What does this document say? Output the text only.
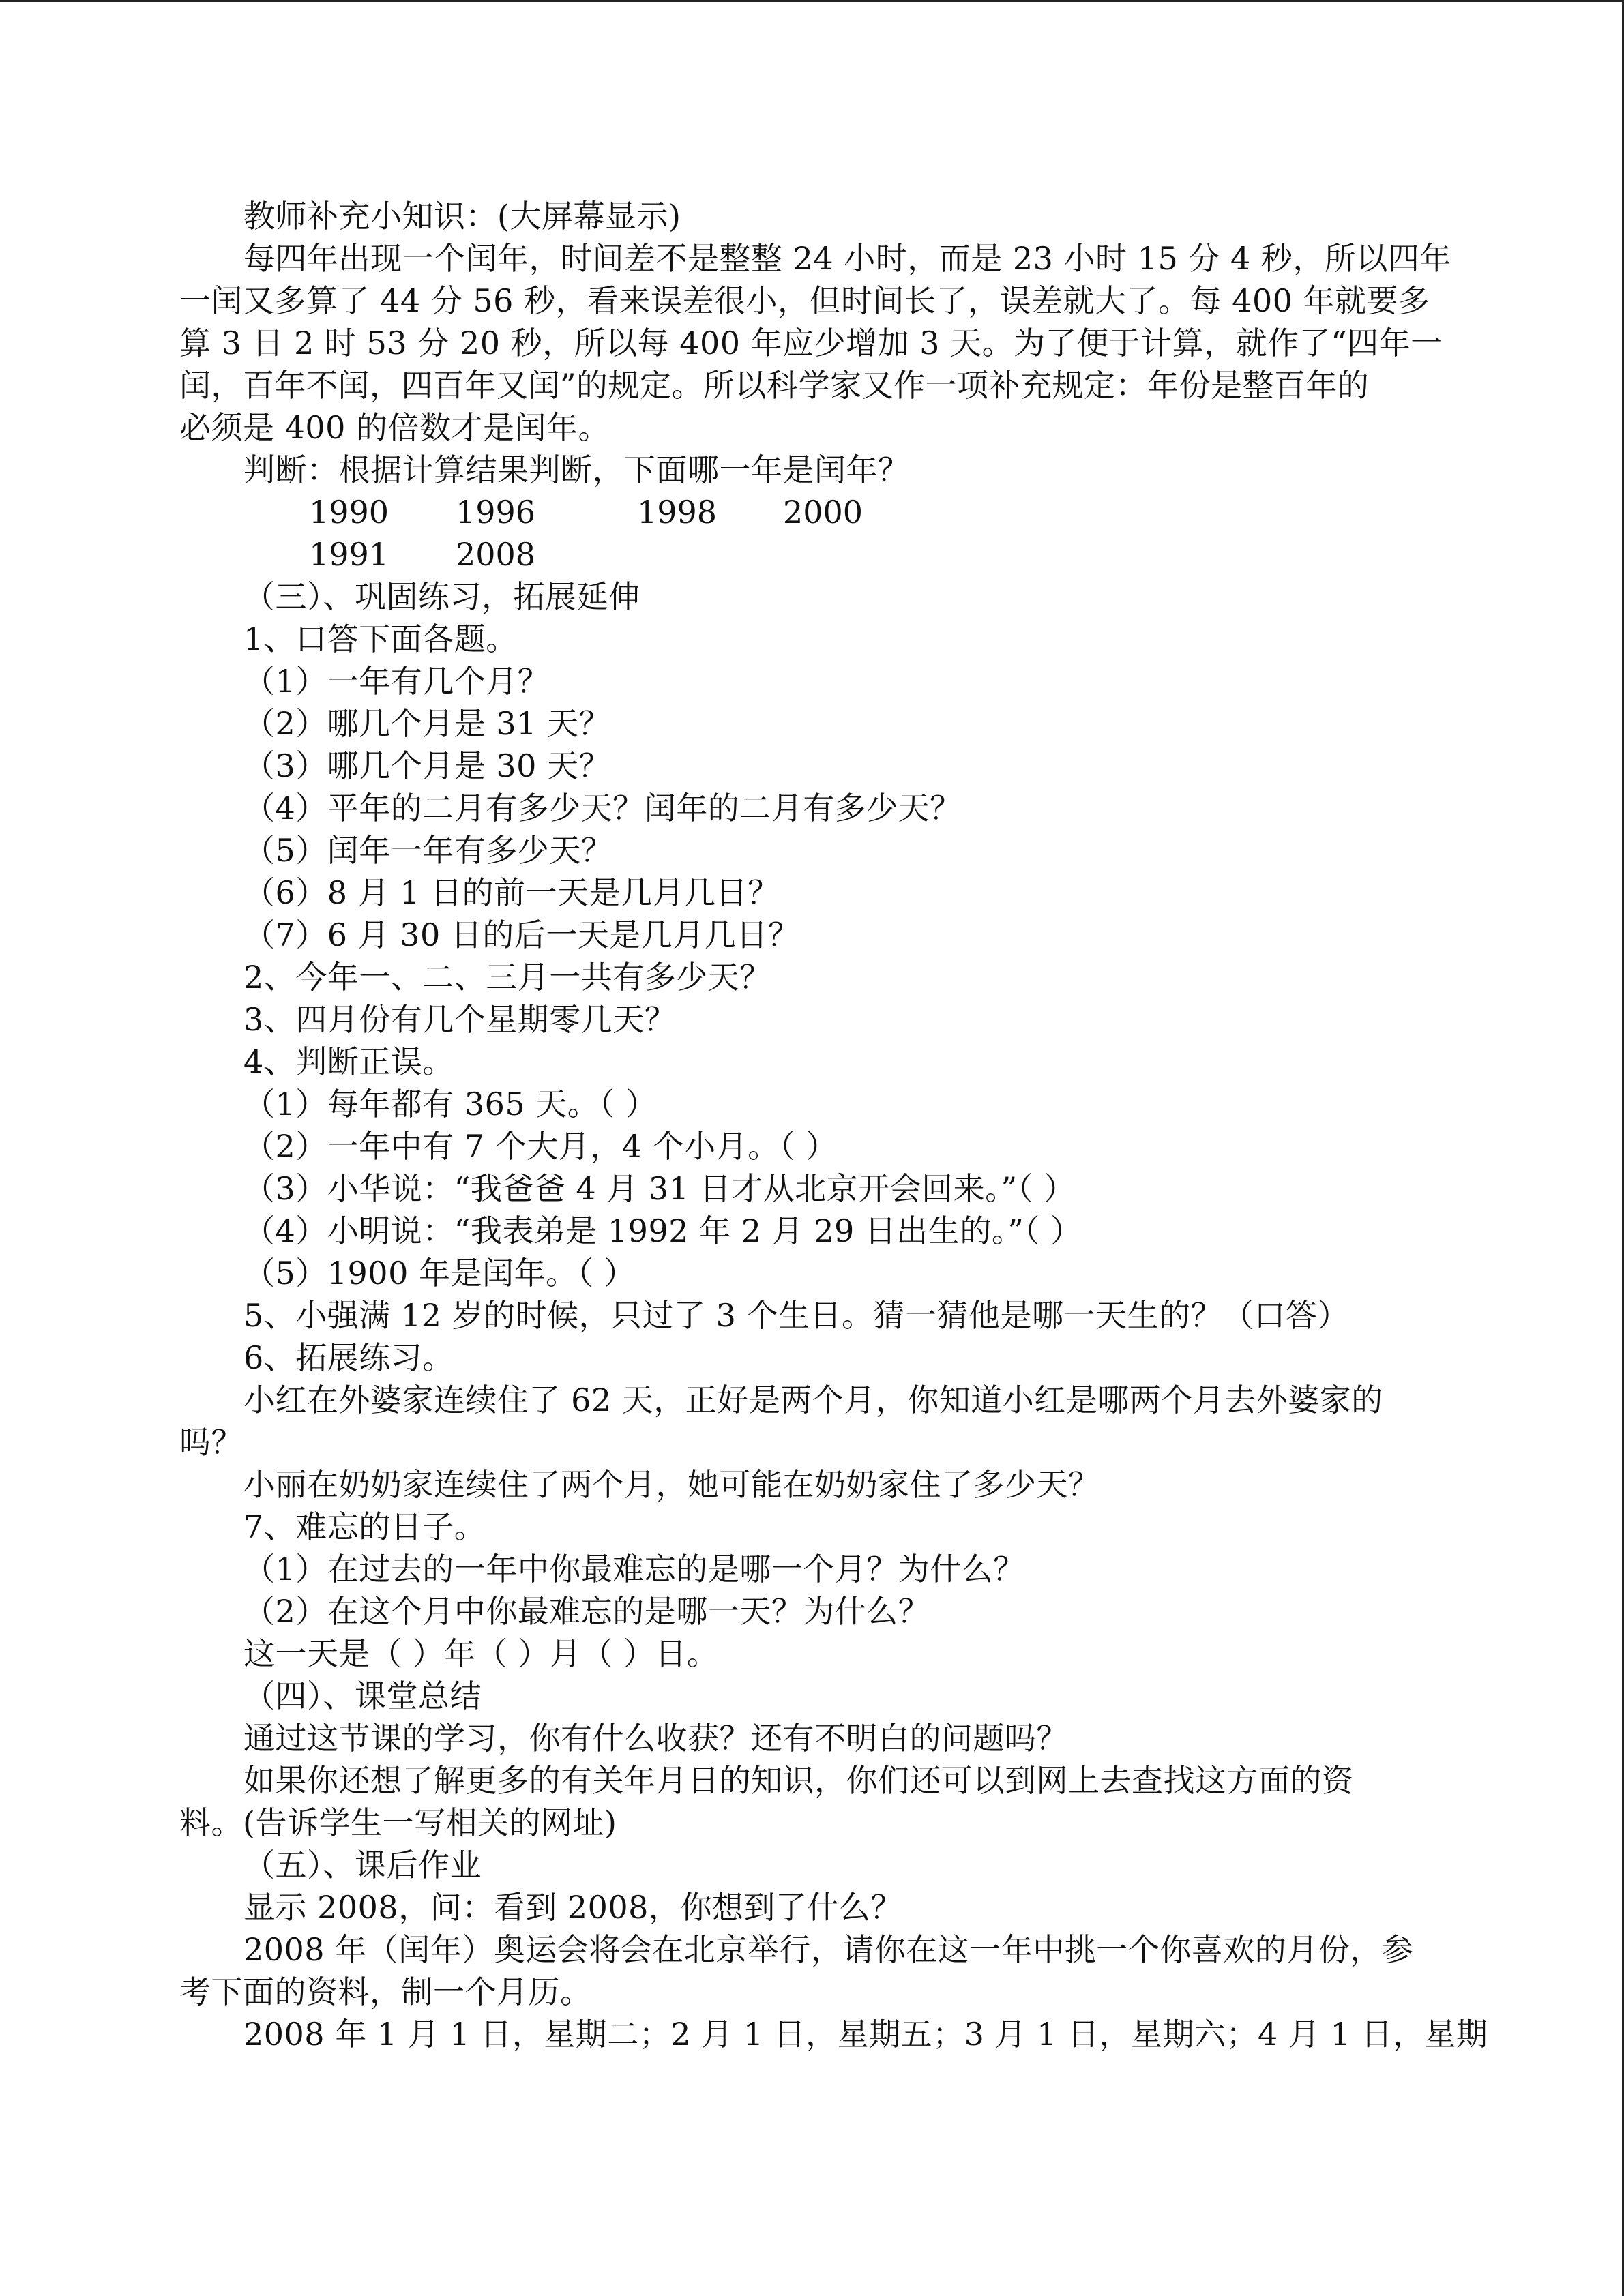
教师补充小知识：(大屏幕显示)
每四年出现一个闰年，时间差不是整整 24 小时，而是 23 小时 15 分 4 秒，所以四年
一闰又多算了 44 分 56 秒，看来误差很小，但时间长了，误差就大了。每 400 年就要多
算 3 日 2 时 53 分 20 秒，所以每 400 年应少增加 3 天。为了便于计算，就作了“四年一
闰，百年不闰，四百年又闰”的规定。所以科学家又作一项补充规定：年份是整百年的
必须是 400 的倍数才是闰年。
判断：根据计算结果判断，下面哪一年是闰年？
1990 1996	1998 2000
1991 2008
（三）、巩固练习，拓展延伸
1、口答下面各题。
（1）一年有几个月？
（2）哪几个月是 31 天？
（3）哪几个月是 30 天？
（4）平年的二月有多少天？闰年的二月有多少天？
（5）闰年一年有多少天？
（6）8 月 1 日的前一天是几月几日？
（7）6 月 30 日的后一天是几月几日？
2、今年一、二、三月一共有多少天？
3、四月份有几个星期零几天？
4、判断正误。
（1）每年都有 365 天。（ ）
（2）一年中有 7 个大月，4 个小月。（ ）
（3）小华说：“我爸爸 4 月 31 日才从北京开会回来。”（ ）
（4）小明说：“我表弟是 1992 年 2 月 29 日出生的。”（ ）
（5）1900 年是闰年。（ ）
5、小强满 12 岁的时候，只过了 3 个生日。猜一猜他是哪一天生的？（口答）
6、拓展练习。
小红在外婆家连续住了 62 天，正好是两个月，你知道小红是哪两个月去外婆家的
吗？
小丽在奶奶家连续住了两个月，她可能在奶奶家住了多少天？
7、难忘的日子。
（1）在过去的一年中你最难忘的是哪一个月？为什么？
（2）在这个月中你最难忘的是哪一天？为什么？
这一天是（ ）年（ ）月（ ）日。
（四）、课堂总结
通过这节课的学习，你有什么收获？还有不明白的问题吗？
如果你还想了解更多的有关年月日的知识，你们还可以到网上去查找这方面的资
料。(告诉学生一写相关的网址)
（五）、课后作业
显示 2008，问：看到 2008，你想到了什么？
2008 年（闰年）奥运会将会在北京举行，请你在这一年中挑一个你喜欢的月份，参
考下面的资料，制一个月历。
2008 年 1 月 1 日，星期二；2 月 1 日，星期五；3 月 1 日，星期六；4 月 1 日，星期
